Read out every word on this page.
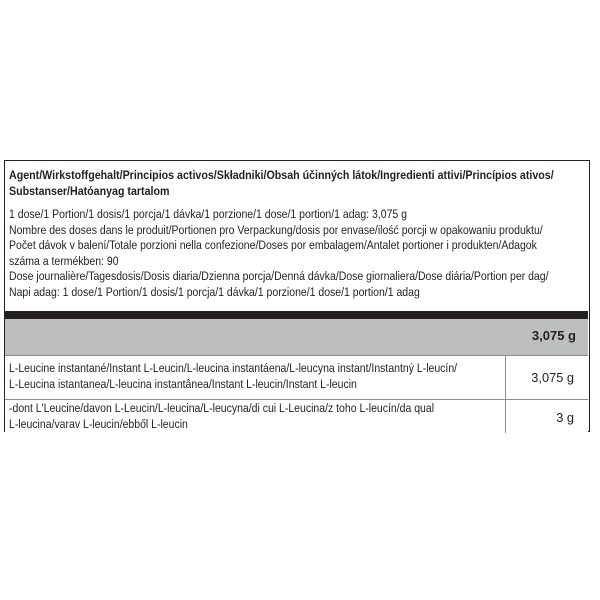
Agent/Wirkstoffgehalt/Principios activos/Składniki/Obsah účinných látok/Ingredienti attivi/Princípios ativos/
Substanser/Hatóanyag tartalom
1 dose/1 Portion/1 dosis/1 porcja/1 dávka/1 porzione/1 dose/1 portion/1 adag: 3,075 g
Nombre des doses dans le produit/Portionen pro Verpackung/dosis por envase/ilość porcji w opakowaniu produktu/
Počet dávok v balení/Totale porzioni nella confezione/Doses por embalagem/Antalet portioner i produkten/Adagok
száma a termékben: 90
Dose journalière/Tagesdosis/Dosis diaria/Dzienna porcja/Denná dávka/Dose giornaliera/Dose diária/Portion per dag/
Napi adag: 1 dose/1 Portion/1 dosis/1 porcja/1 dávka/1 porzione/1 dose/1 portion/1 adag
3,075 g
L-Leucine instantané/Instant L-Leucin/L-leucina instantáena/L-leucyna instant/Instantný L-leucín/
L-Leucina istantanea/L-leucina instantânea/Instant L-leucin/Instant L-leucin	3,075 g
-dont L'Leucine/davon L-Leucin/L-leucina/L-leucyna/di cui L-Leucina/z toho L-leucín/da qual
L-leucina/varav L-leucin/ebből L-leucin	3 g
